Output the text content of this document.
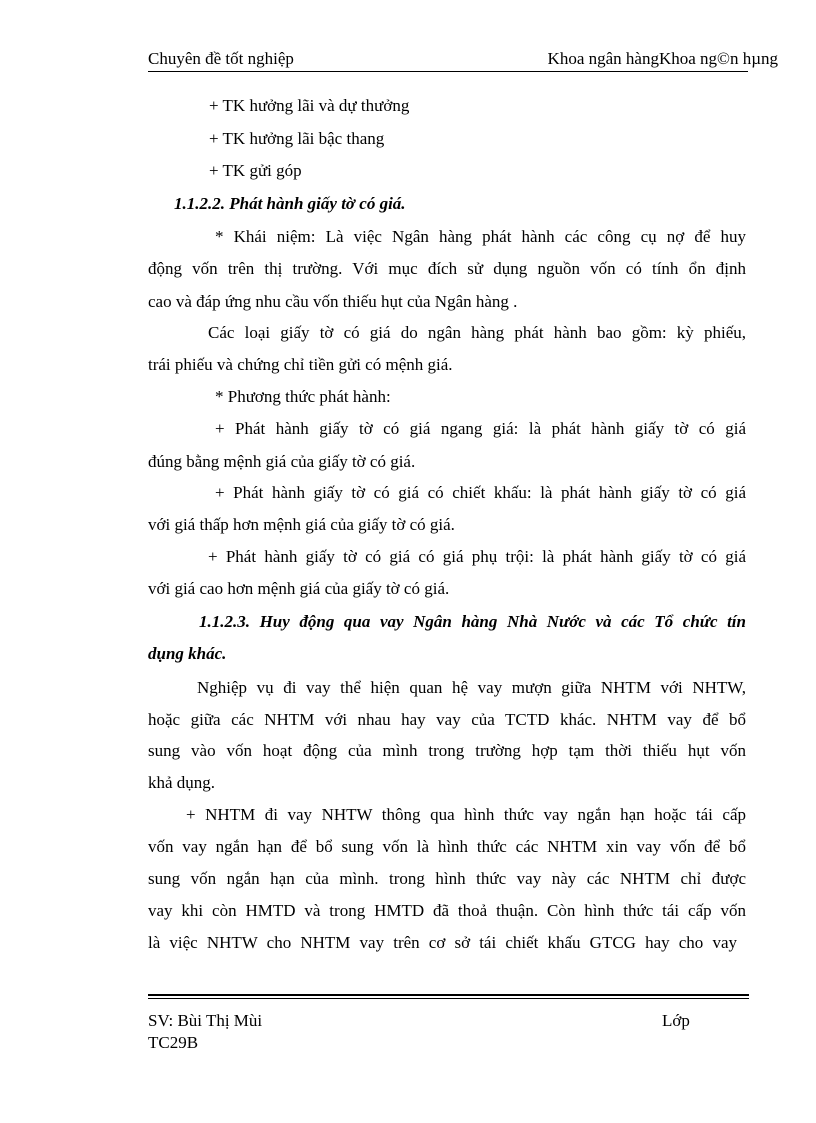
Chuyên đề tốt nghiệp	Khoa ngân hàngKhoa ng©n hµng
+ TK hưởng lãi và dự thưởng
+ TK hưởng lãi bậc thang
+ TK gửi góp
1.1.2.2. Phát hành giấy tờ có giá.
* Khái niệm: Là việc Ngân hàng phát hành các công cụ nợ để huy
động vốn trên thị trường. Với mục đích sử dụng nguồn vốn có tính ổn định
cao và đáp ứng nhu cầu vốn thiếu hụt của Ngân hàng .
Các loại giấy tờ có giá do ngân hàng phát hành bao gồm: kỳ phiếu,
trái phiếu và chứng chỉ tiền gửi có mệnh giá.
* Phương thức phát hành:
+ Phát hành giấy tờ có giá ngang giá: là phát hành giấy tờ có giá
đúng bằng mệnh giá của giấy tờ có giá.
+ Phát hành giấy tờ có giá có chiết khấu: là phát hành giấy tờ có giá
với giá thấp hơn mệnh giá của giấy tờ có giá.
+ Phát hành giấy tờ có giá có giá phụ trội: là phát hành giấy tờ có giá
với giá cao hơn mệnh giá của giấy tờ có giá.
1.1.2.3. Huy động qua vay Ngân hàng Nhà Nước và các Tổ chức tín
dụng khác.
Nghiệp vụ đi vay thể hiện quan hệ vay mượn giữa NHTM với NHTW,
hoặc giữa các NHTM với nhau hay vay của TCTD khác. NHTM vay để bổ
sung vào vốn hoạt động của mình trong trường hợp tạm thời thiếu hụt vốn
khả dụng.
+ NHTM đi vay NHTW thông qua hình thức vay ngắn hạn hoặc tái cấp
vốn vay ngắn hạn để bổ sung vốn là hình thức các NHTM xin vay vốn để bổ
sung vốn ngắn hạn của mình. trong hình thức vay này các NHTM chỉ được
vay khi còn HMTD và trong HMTD đã thoả thuận. Còn hình thức tái cấp vốn
là việc NHTW cho NHTM vay trên cơ sở tái chiết khấu GTCG hay cho vay
SV: Bùi Thị Mùi	Lớp
TC29B
